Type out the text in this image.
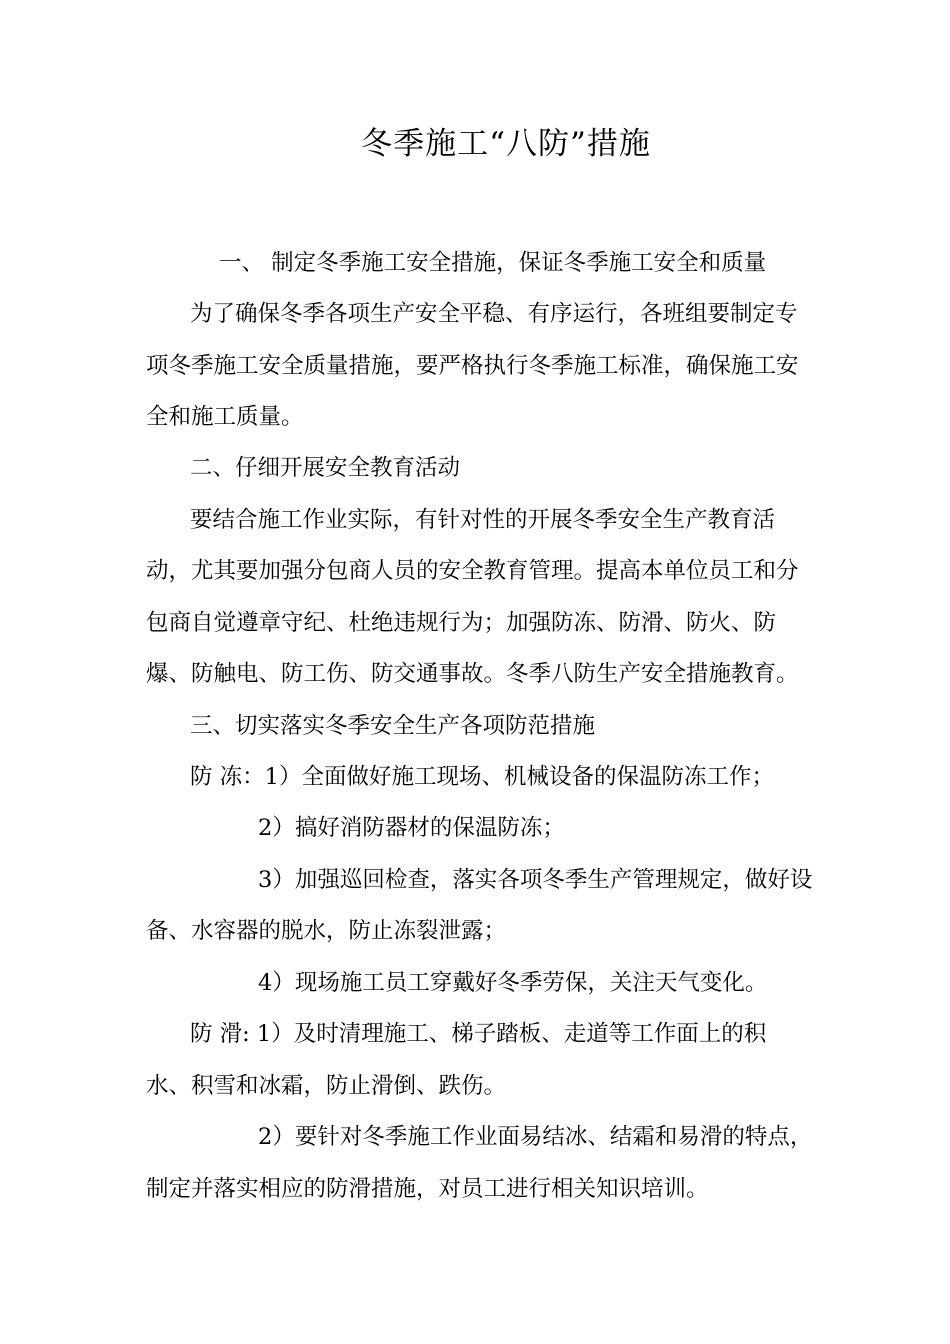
冬季施工“八防”措施
一、 制定冬季施工安全措施，保证冬季施工安全和质量
为了确保冬季各项生产安全平稳、有序运行，各班组要制定专
项冬季施工安全质量措施，要严格执行冬季施工标准，确保施工安
全和施工质量。
二、仔细开展安全教育活动
要结合施工作业实际，有针对性的开展冬季安全生产教育活
动，尤其要加强分包商人员的安全教育管理。提高本单位员工和分
包商自觉遵章守纪、杜绝违规行为；加强防冻、防滑、防火、防
爆、防触电、防工伤、防交通事故。冬季八防生产安全措施教育。
三、切实落实冬季安全生产各项防范措施
防 冻：1）全面做好施工现场、机械设备的保温防冻工作；
2）搞好消防器材的保温防冻；
3）加强巡回检查，落实各项冬季生产管理规定，做好设
备、水容器的脱水，防止冻裂泄露；
4）现场施工员工穿戴好冬季劳保，关注天气变化。
防 滑: 1）及时清理施工、梯子踏板、走道等工作面上的积
水、积雪和冰霜，防止滑倒、跌伤。
2）要针对冬季施工作业面易结冰、结霜和易滑的特点，
制定并落实相应的防滑措施，对员工进行相关知识培训。
